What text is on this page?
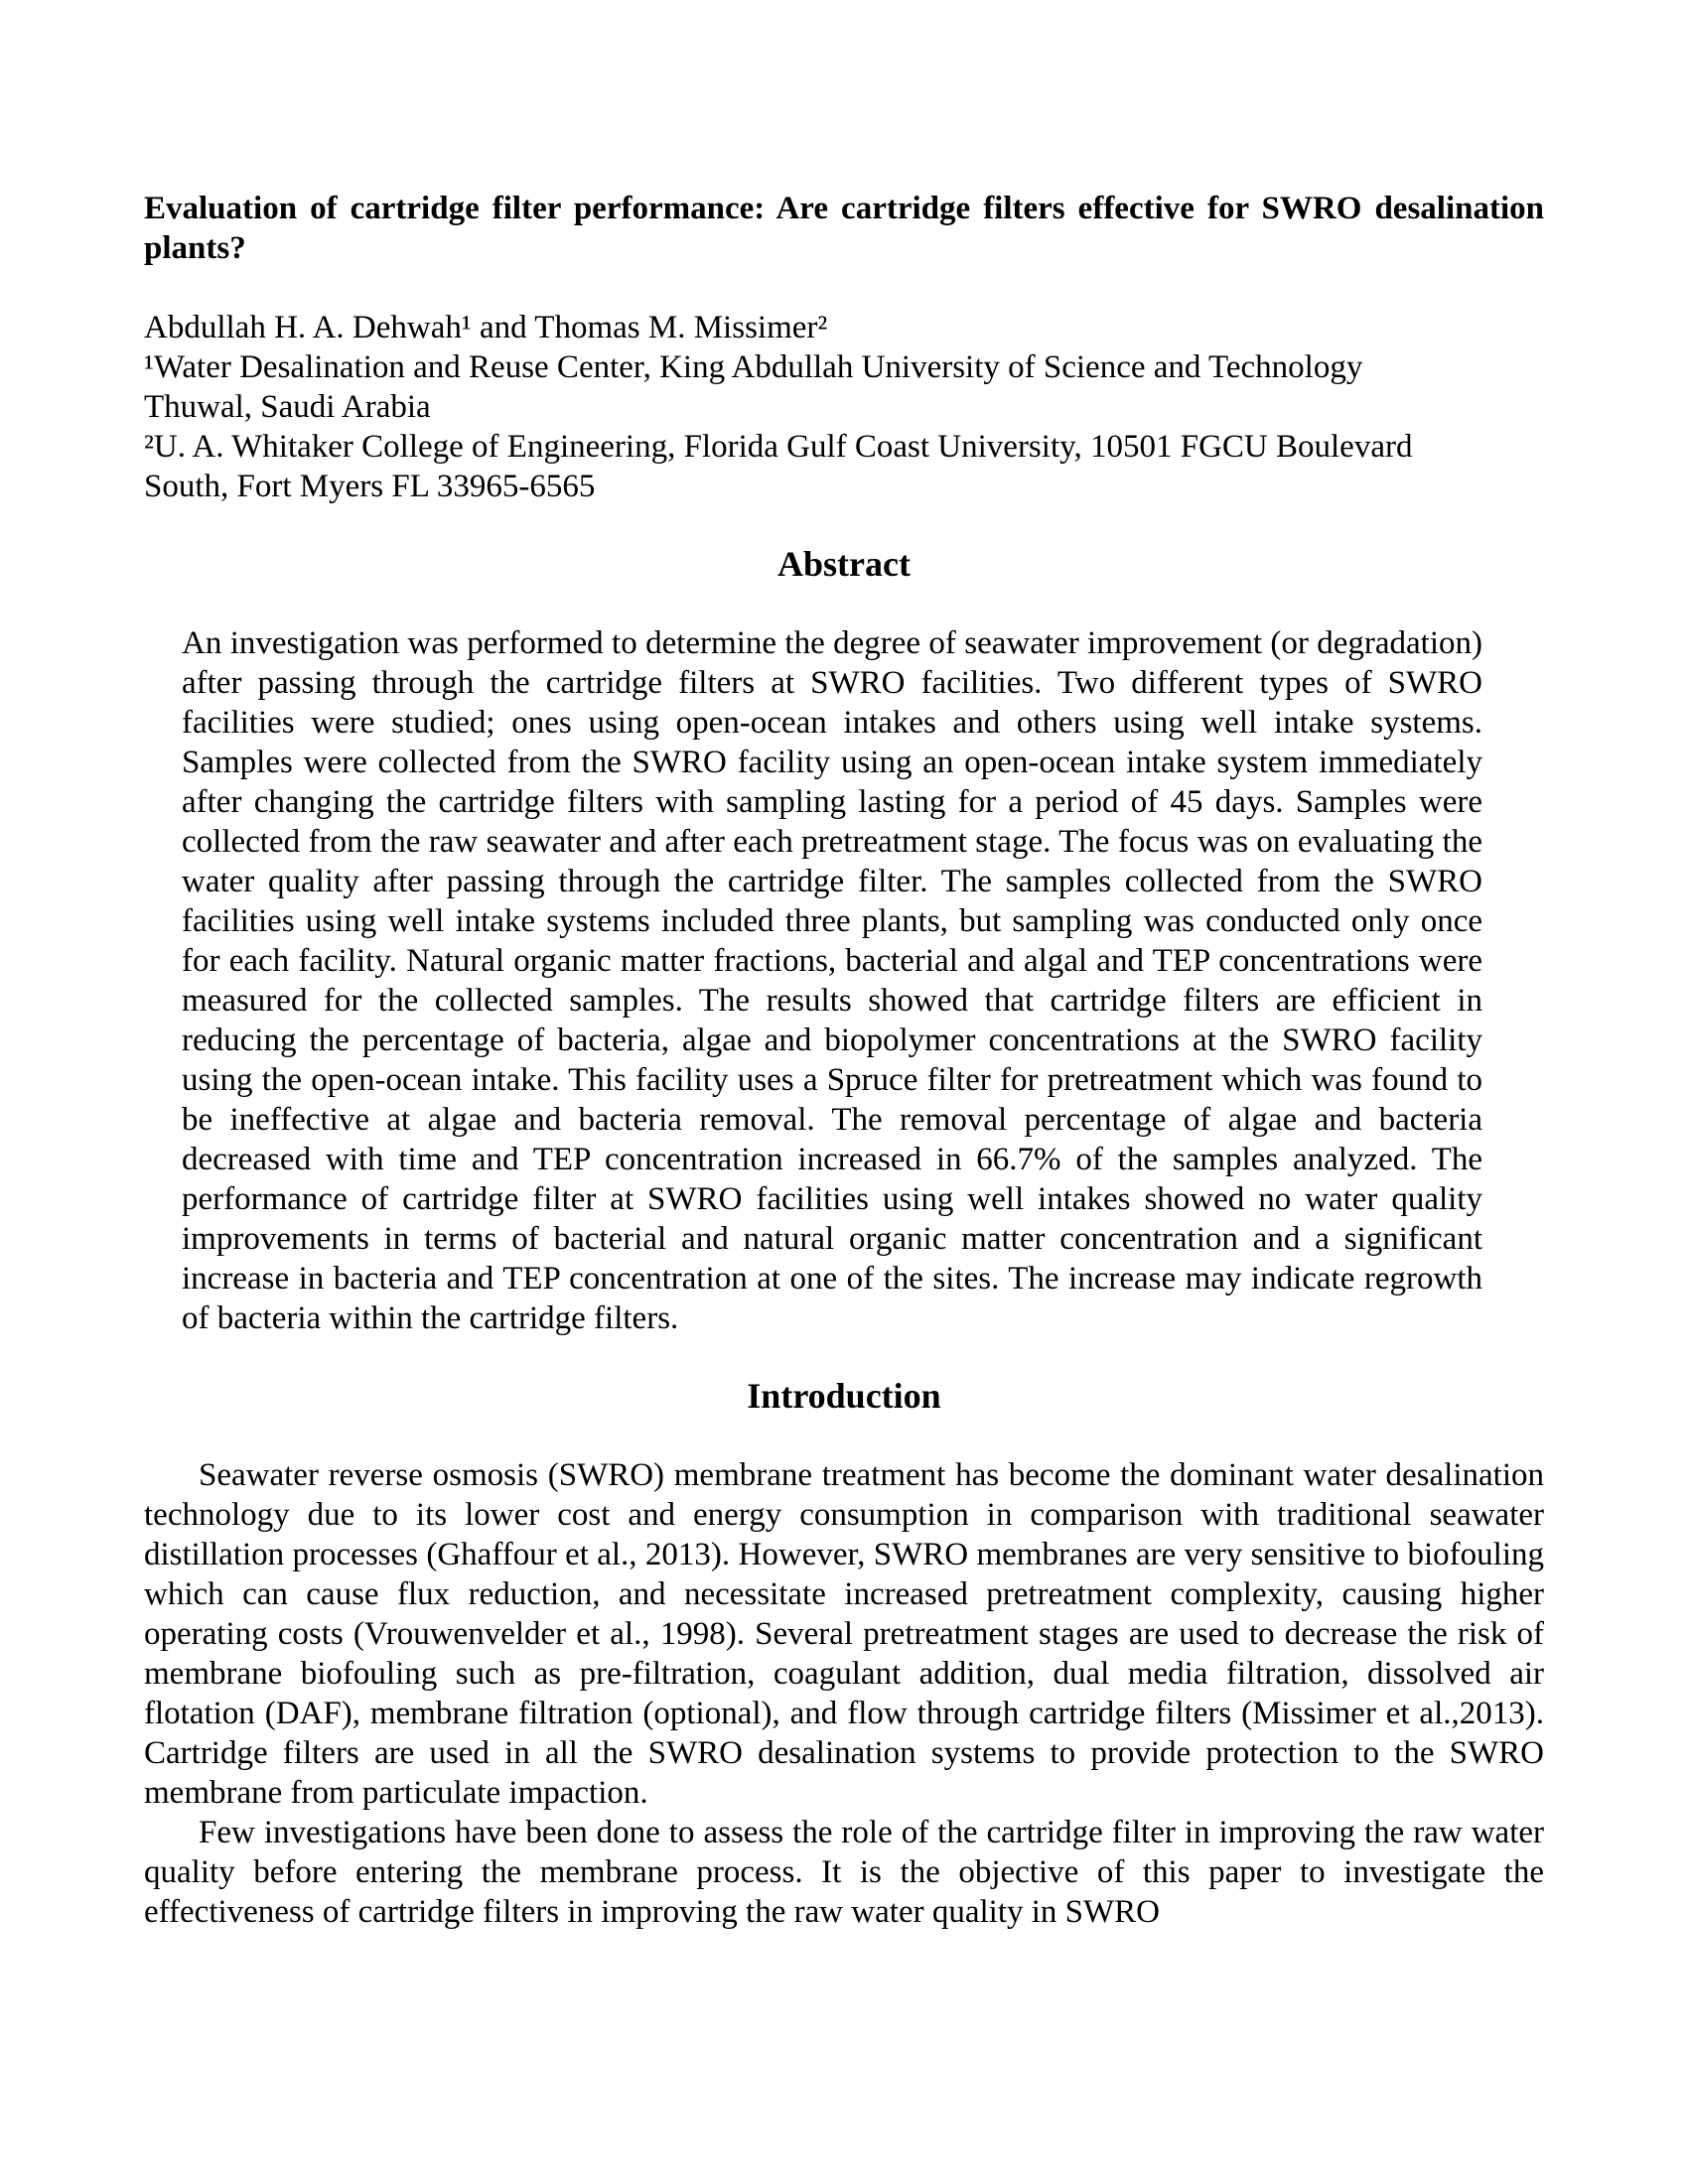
Evaluation of cartridge filter performance: Are cartridge filters effective for SWRO desalination plants?
Abdullah H. A. Dehwah¹ and Thomas M. Missimer²
¹Water Desalination and Reuse Center, King Abdullah University of Science and Technology
Thuwal, Saudi Arabia
²U. A. Whitaker College of Engineering, Florida Gulf Coast University, 10501 FGCU Boulevard
South, Fort Myers FL 33965-6565
Abstract
An investigation was performed to determine the degree of seawater improvement (or degradation) after passing through the cartridge filters at SWRO facilities. Two different types of SWRO facilities were studied; ones using open-ocean intakes and others using well intake systems. Samples were collected from the SWRO facility using an open-ocean intake system immediately after changing the cartridge filters with sampling lasting for a period of 45 days. Samples were collected from the raw seawater and after each pretreatment stage. The focus was on evaluating the water quality after passing through the cartridge filter. The samples collected from the SWRO facilities using well intake systems included three plants, but sampling was conducted only once for each facility. Natural organic matter fractions, bacterial and algal and TEP concentrations were measured for the collected samples. The results showed that cartridge filters are efficient in reducing the percentage of bacteria, algae and biopolymer concentrations at the SWRO facility using the open-ocean intake. This facility uses a Spruce filter for pretreatment which was found to be ineffective at algae and bacteria removal. The removal percentage of algae and bacteria decreased with time and TEP concentration increased in 66.7% of the samples analyzed. The performance of cartridge filter at SWRO facilities using well intakes showed no water quality improvements in terms of bacterial and natural organic matter concentration and a significant increase in bacteria and TEP concentration at one of the sites. The increase may indicate regrowth of bacteria within the cartridge filters.
Introduction

Seawater reverse osmosis (SWRO) membrane treatment has become the dominant water desalination technology due to its lower cost and energy consumption in comparison with traditional seawater distillation processes (Ghaffour et al., 2013). However, SWRO membranes are very sensitive to biofouling which can cause flux reduction, and necessitate increased pretreatment complexity, causing higher operating costs (Vrouwenvelder et al., 1998). Several pretreatment stages are used to decrease the risk of membrane biofouling such as pre-filtration, coagulant addition, dual media filtration, dissolved air flotation (DAF), membrane filtration (optional), and flow through cartridge filters (Missimer et al.,2013). Cartridge filters are used in all the SWRO desalination systems to provide protection to the SWRO membrane from particulate impaction.

Few investigations have been done to assess the role of the cartridge filter in improving the raw water quality before entering the membrane process. It is the objective of this paper to investigate the effectiveness of cartridge filters in improving the raw water quality in SWRO
